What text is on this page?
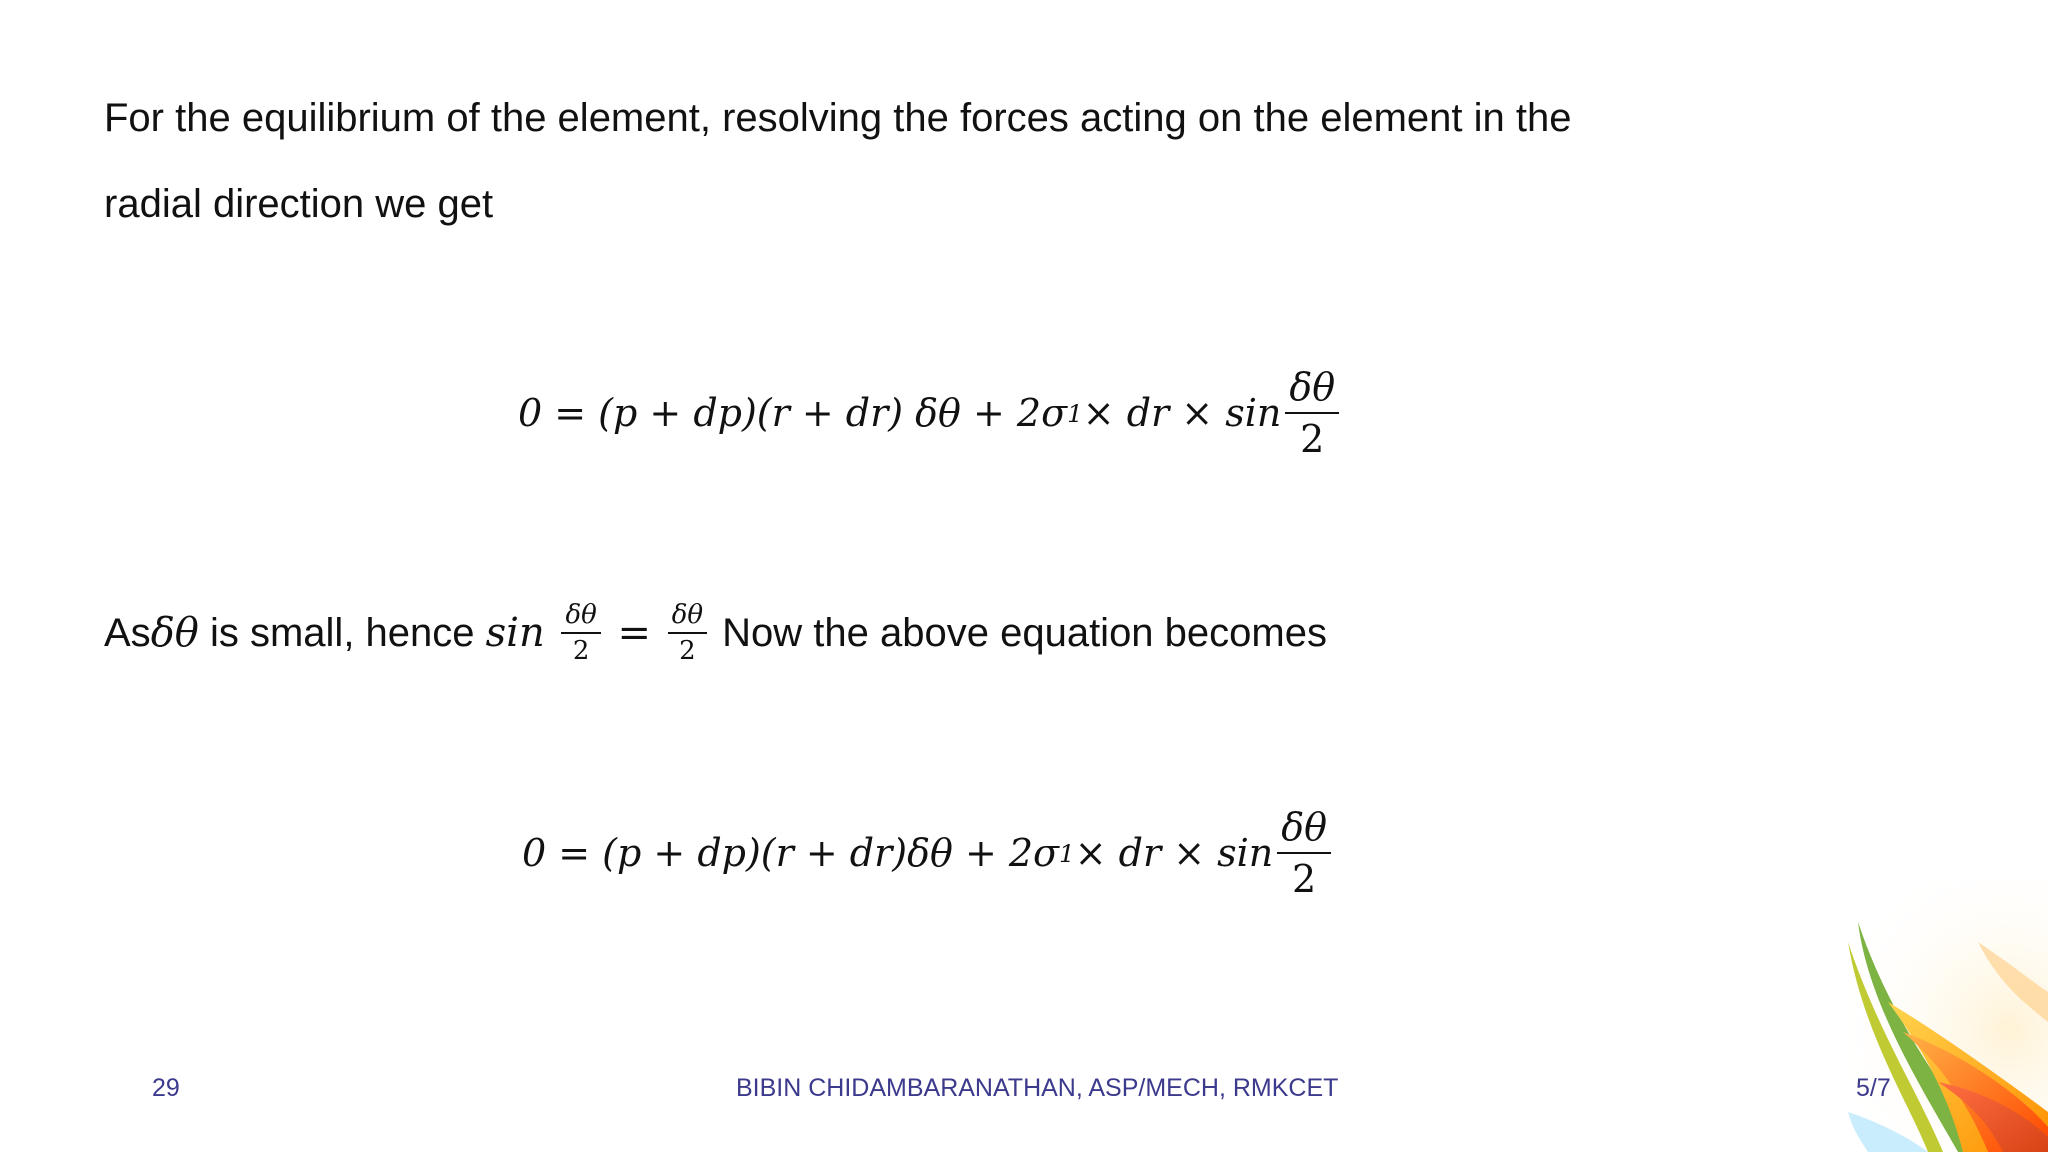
For the equilibrium of the element, resolving the forces acting on the element in the
radial direction we get
0 = (p + dp)(r + dr) δθ + 2σ 1 × dr × $\sin \frac{\delta\theta}{2}$
As δθ is small, hence $\sin \frac{\delta\theta}{2} = \frac{\delta\theta}{2}$ Now the above equation becomes
0 = (p + dp)(r + dr)δθ + 2σ 1 × dr × $\sin \frac{\delta\theta}{2}$
29	BIBIN CHIDAMBARANATHAN, ASP/MECH, RMKCET	5/7
